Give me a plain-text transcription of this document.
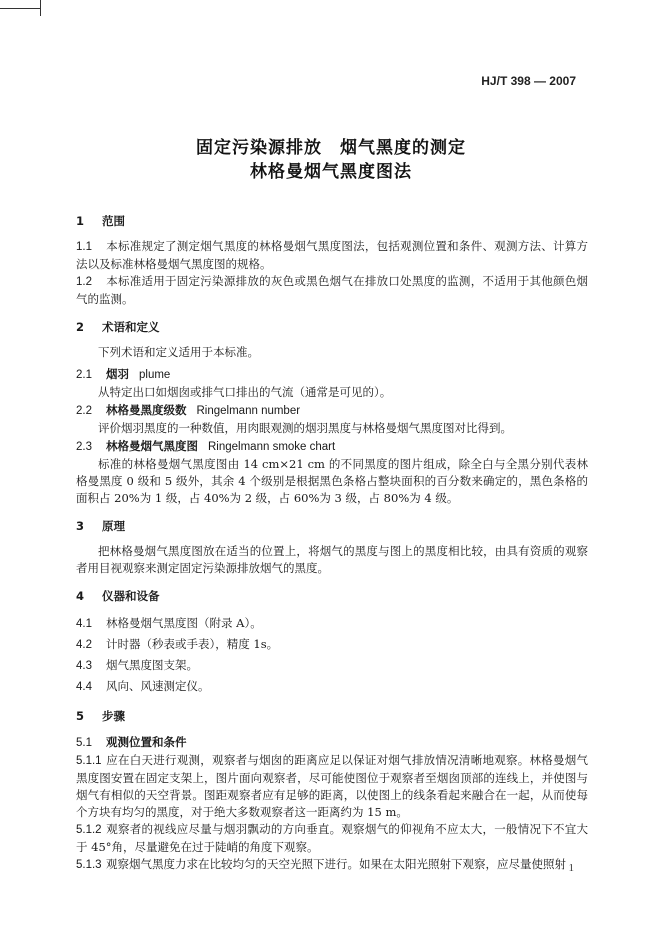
HJ/T 398 — 2007
固定污染源排放　烟气黑度的测定
林格曼烟气黑度图法
1 范围
1.1 本标准规定了测定烟气黑度的林格曼烟气黑度图法，包括观测位置和条件、观测方法、计算方法以及标准林格曼烟气黑度图的规格。
1.2 本标准适用于固定污染源排放的灰色或黑色烟气在排放口处黑度的监测，不适用于其他颜色烟气的监测。
2 术语和定义
下列术语和定义适用于本标准。
2.1 烟羽 plume
从特定出口如烟囱或排气口排出的气流（通常是可见的）。
2.2 林格曼黑度级数 Ringelmann number
评价烟羽黑度的一种数值，用肉眼观测的烟羽黑度与林格曼烟气黑度图对比得到。
2.3 林格曼烟气黑度图 Ringelmann smoke chart
标准的林格曼烟气黑度图由 14 cm×21 cm 的不同黑度的图片组成，除全白与全黑分别代表林格曼黑度 0 级和 5 级外，其余 4 个级别是根据黑色条格占整块面积的百分数来确定的，黑色条格的面积占 20%为 1 级，占 40%为 2 级，占 60%为 3 级，占 80%为 4 级。
3 原理
把林格曼烟气黑度图放在适当的位置上，将烟气的黑度与图上的黑度相比较，由具有资质的观察者用目视观察来测定固定污染源排放烟气的黑度。
4 仪器和设备
4.1 林格曼烟气黑度图（附录 A）。
4.2 计时器（秒表或手表），精度 1s。
4.3 烟气黑度图支架。
4.4 风向、风速测定仪。
5 步骤
5.1 观测位置和条件
5.1.1 应在白天进行观测，观察者与烟囱的距离应足以保证对烟气排放情况清晰地观察。林格曼烟气黑度图安置在固定支架上，图片面向观察者，尽可能使图位于观察者至烟囱顶部的连线上，并使图与烟气有相似的天空背景。图距观察者应有足够的距离，以使图上的线条看起来融合在一起，从而使每个方块有均匀的黑度，对于绝大多数观察者这一距离约为 15 m。
5.1.2 观察者的视线应尽量与烟羽飘动的方向垂直。观察烟气的仰视角不应太大，一般情况下不宜大于 45°角，尽量避免在过于陡峭的角度下观察。
5.1.3 观察烟气黑度力求在比较均匀的天空光照下进行。如果在太阳光照射下观察，应尽量使照射 1
